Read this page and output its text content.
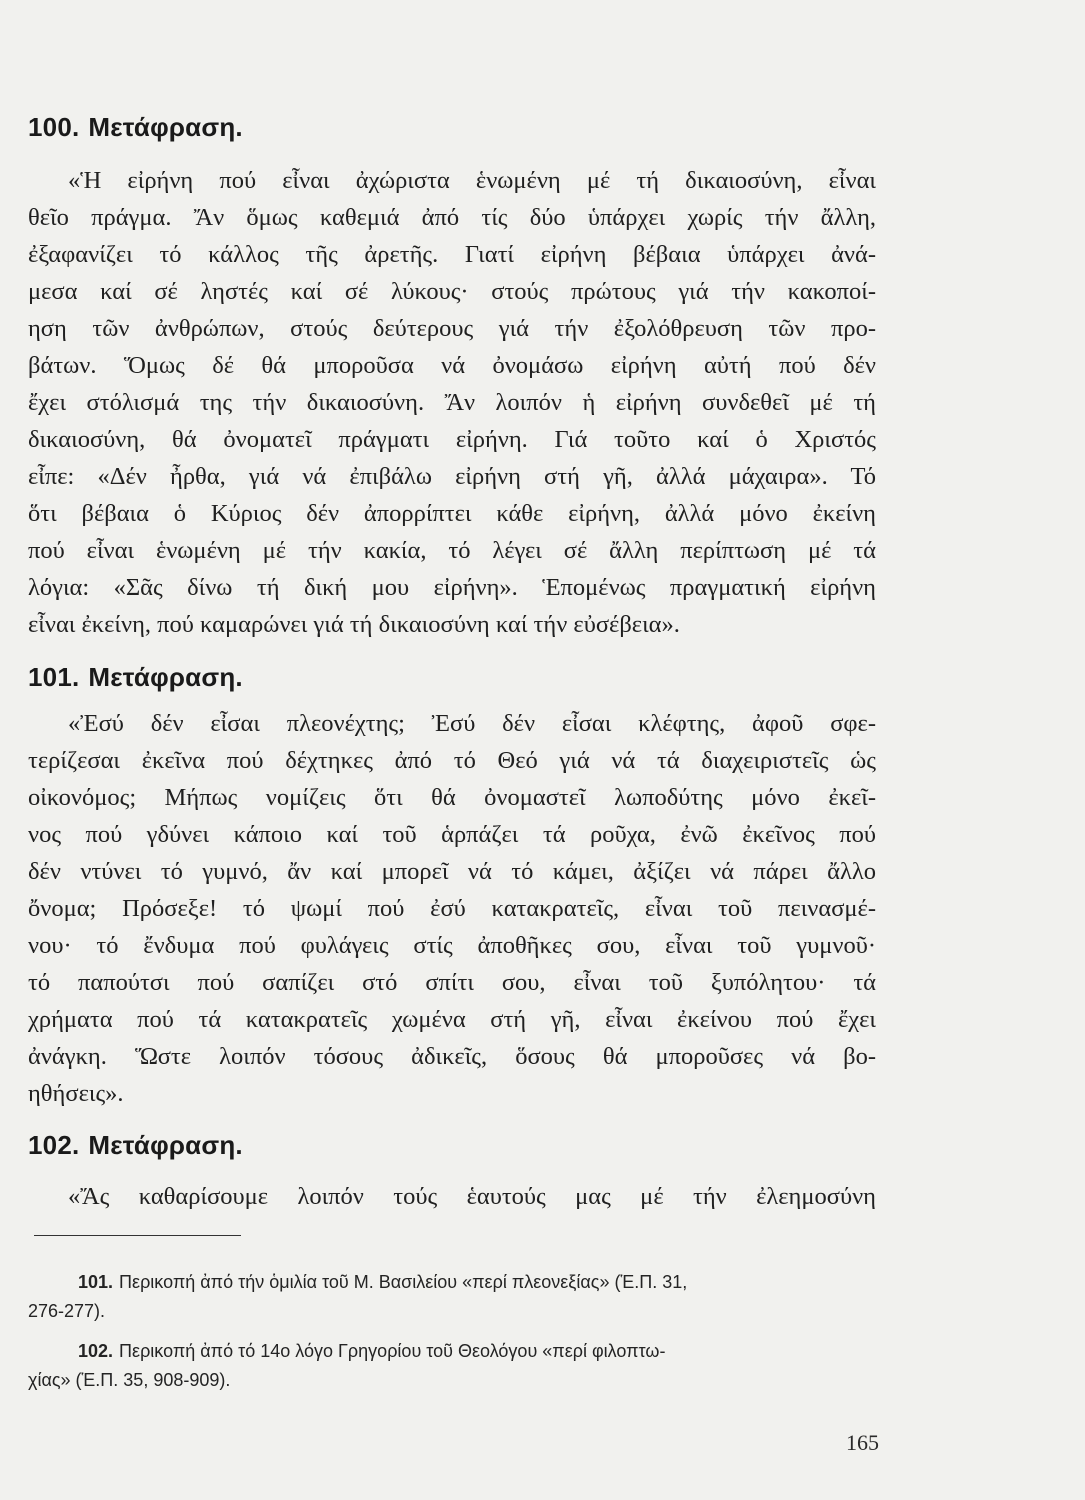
100. Μετάφραση.
«Ἡ εἰρήνη πού εἶναι ἀχώριστα ἑνωμένη μέ τή δικαιοσύνη, εἶναι
θεῖο πράγμα. Ἄν ὅμως καθεμιά ἀπό τίς δύο ὑπάρχει χωρίς τήν ἄλλη,
ἐξαφανίζει τό κάλλος τῆς ἀρετῆς. Γιατί εἰρήνη βέβαια ὑπάρχει ἀνά-
μεσα καί σέ ληστές καί σέ λύκους· στούς πρώτους γιά τήν κακοποί-
ηση τῶν ἀνθρώπων, στούς δεύτερους γιά τήν ἐξολόθρευση τῶν προ-
βάτων. Ὅμως δέ θά μποροῦσα νά ὀνομάσω εἰρήνη αὐτή πού δέν
ἔχει στόλισμά της τήν δικαιοσύνη. Ἄν λοιπόν ἡ εἰρήνη συνδεθεῖ μέ τή
δικαιοσύνη, θά ὀνοματεῖ πράγματι εἰρήνη. Γιά τοῦτο καί ὁ Χριστός
εἶπε: «Δέν ἦρθα, γιά νά ἐπιβάλω εἰρήνη στή γῆ, ἀλλά μάχαιρα». Τό
ὅτι βέβαια ὁ Κύριος δέν ἀπορρίπτει κάθε εἰρήνη, ἀλλά μόνο ἐκείνη
πού εἶναι ἑνωμένη μέ τήν κακία, τό λέγει σέ ἄλλη περίπτωση μέ τά
λόγια: «Σᾶς δίνω τή δική μου εἰρήνη». Ἑπομένως πραγματική εἰρήνη
εἶναι ἐκείνη, πού καμαρώνει γιά τή δικαιοσύνη καί τήν εὐσέβεια».
101. Μετάφραση.
«Ἐσύ δέν εἶσαι πλεονέχτης; Ἐσύ δέν εἶσαι κλέφτης, ἀφοῦ σφε-
τερίζεσαι ἐκεῖνα πού δέχτηκες ἀπό τό Θεό γιά νά τά διαχειριστεῖς ὡς
οἰκονόμος; Μήπως νομίζεις ὅτι θά ὀνομαστεῖ λωποδύτης μόνο ἐκεῖ-
νος πού γδύνει κάποιο καί τοῦ ἁρπάζει τά ροῦχα, ἐνῶ ἐκεῖνος πού
δέν ντύνει τό γυμνό, ἄν καί μπορεῖ νά τό κάμει, ἀξίζει νά πάρει ἄλλο
ὄνομα; Πρόσεξε! τό ψωμί πού ἐσύ κατακρατεῖς, εἶναι τοῦ πεινασμέ-
νου· τό ἔνδυμα πού φυλάγεις στίς ἀποθῆκες σου, εἶναι τοῦ γυμνοῦ·
τό παπούτσι πού σαπίζει στό σπίτι σου, εἶναι τοῦ ξυπόλητου· τά
χρήματα πού τά κατακρατεῖς χωμένα στή γῆ, εἶναι ἐκείνου πού ἔχει
ἀνάγκη. Ὥστε λοιπόν τόσους ἀδικεῖς, ὅσους θά μποροῦσες νά βο-
ηθήσεις».
102. Μετάφραση.
«Ἄς καθαρίσουμε λοιπόν τούς ἑαυτούς μας μέ τήν ἐλεημοσύνη
101. Περικοπή ἀπό τήν ὁμιλία τοῦ Μ. Βασιλείου «περί πλεονεξίας» (Ἑ.Π. 31,
276-277).
102. Περικοπή ἀπό τό 14ο λόγο Γρηγορίου τοῦ Θεολόγου «περί φιλοπτω-
χίας» (Ἑ.Π. 35, 908-909).

165
